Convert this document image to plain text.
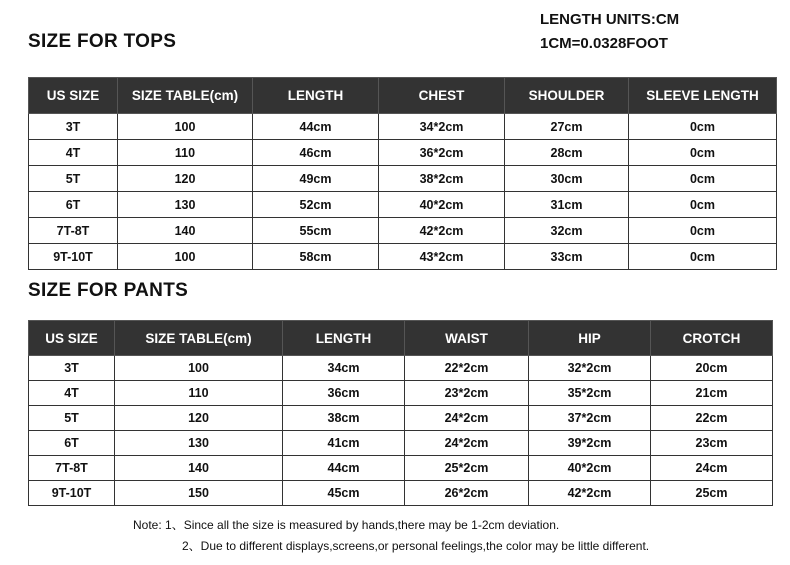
SIZE FOR TOPS
LENGTH UNITS:CM
1CM=0.0328FOOT
US SIZE	SIZE TABLE(cm)	LENGTH	CHEST	SHOULDER	SLEEVE LENGTH
3T	100	44cm	34*2cm	27cm	0cm
4T	110	46cm	36*2cm	28cm	0cm
5T	120	49cm	38*2cm	30cm	0cm
6T	130	52cm	40*2cm	31cm	0cm
7T-8T	140	55cm	42*2cm	32cm	0cm
9T-10T	100	58cm	43*2cm	33cm	0cm
SIZE FOR PANTS
US SIZE	SIZE TABLE(cm)	LENGTH	WAIST	HIP	CROTCH
3T	100	34cm	22*2cm	32*2cm	20cm
4T	110	36cm	23*2cm	35*2cm	21cm
5T	120	38cm	24*2cm	37*2cm	22cm
6T	130	41cm	24*2cm	39*2cm	23cm
7T-8T	140	44cm	25*2cm	40*2cm	24cm
9T-10T	150	45cm	26*2cm	42*2cm	25cm
Note: 1、Since all the size is measured by hands,there may be 1-2cm deviation.
2、Due to different displays,screens,or personal feelings,the color may be little different.
